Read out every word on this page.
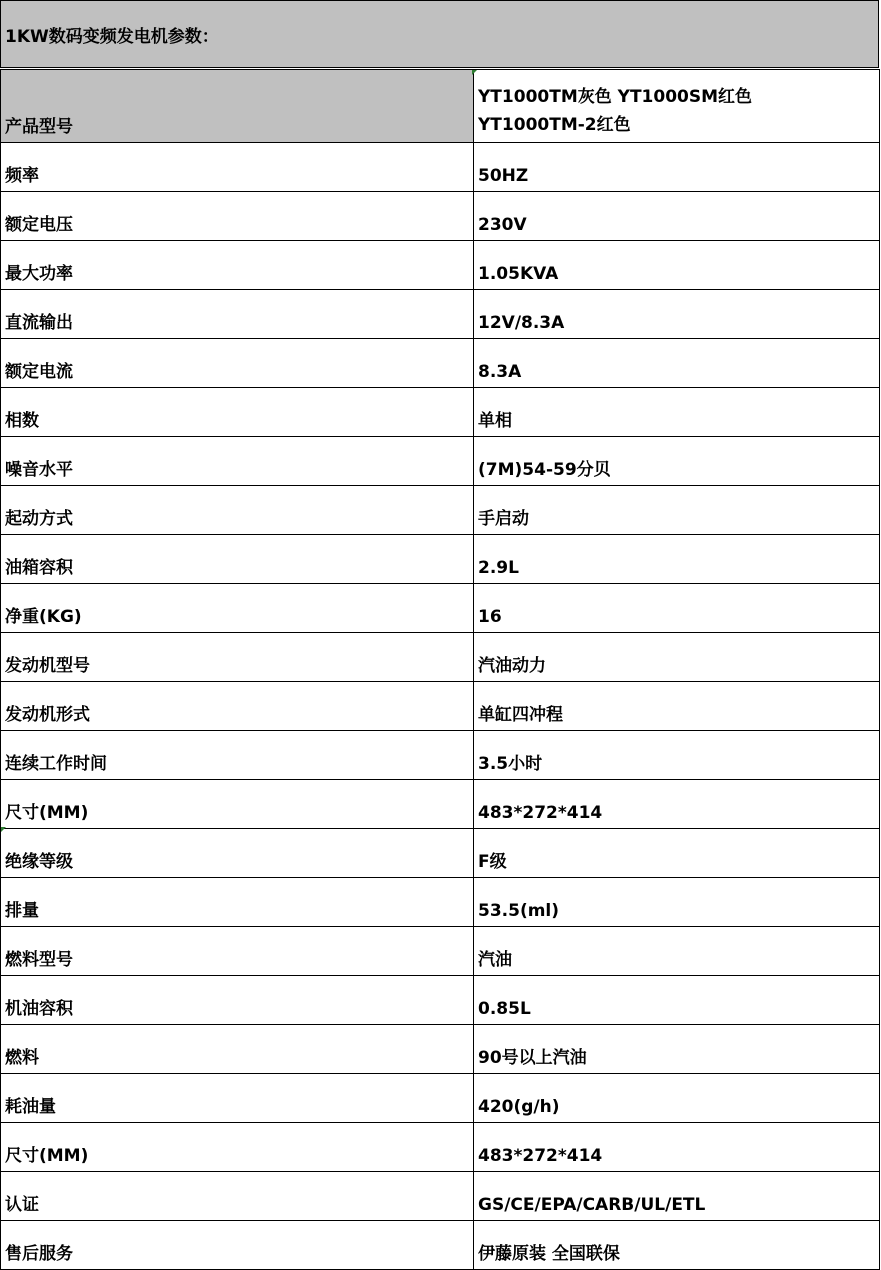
1KW数码变频发电机参数：
产品型号	YT1000TM灰色 YT1000SM红色
YT1000TM-2红色

频率	50HZ
额定电压	230V
最大功率	1.05KVA
直流输出	12V/8.3A
额定电流	8.3A
相数	单相
噪音水平	(7M)54-59分贝
起动方式	手启动
油箱容积	2.9L
净重(KG)	16
发动机型号	汽油动力
发动机形式	单缸四冲程
连续工作时间	3.5小时
尺寸(MM)	483*272*414
绝缘等级	F级
排量	53.5(ml)
燃料型号	汽油
机油容积	0.85L
燃料	90号以上汽油
耗油量	420(g/h)
尺寸(MM)	483*272*414
认证	GS/CE/EPA/CARB/UL/ETL
售后服务	伊藤原装 全国联保
